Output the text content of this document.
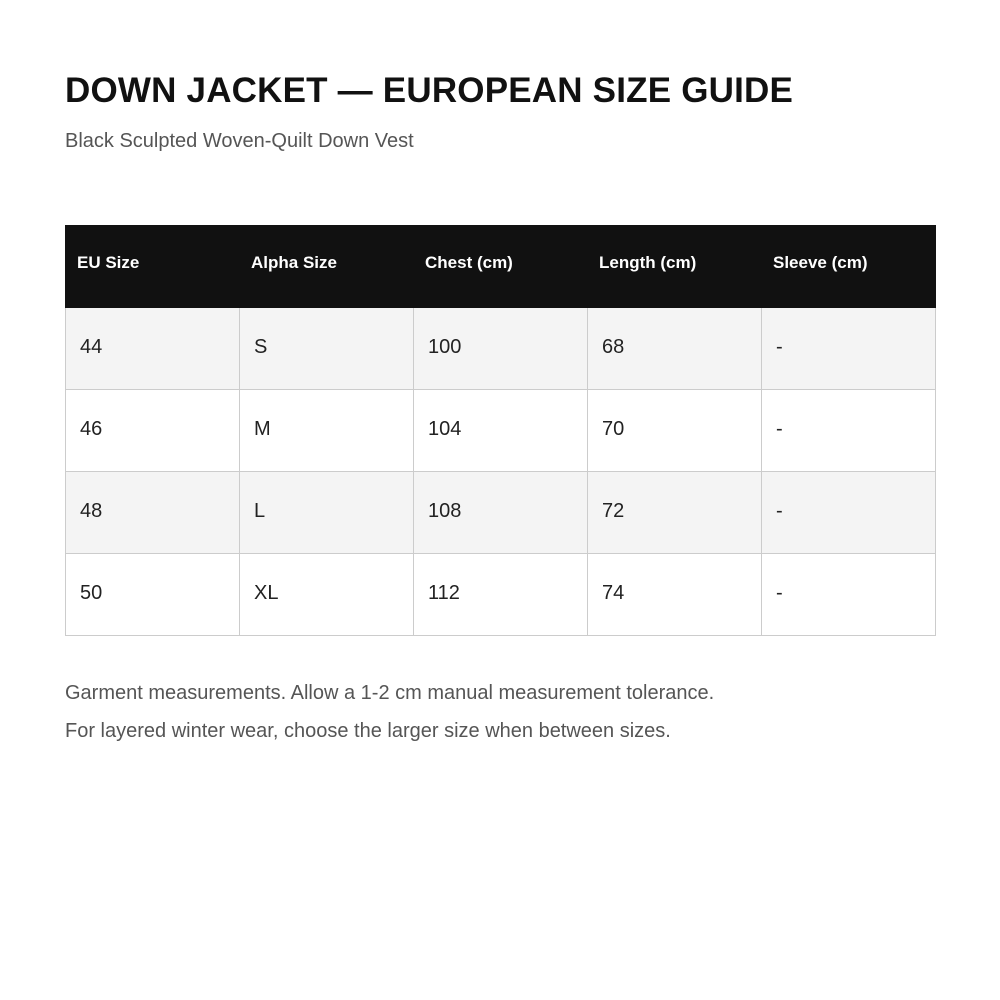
DOWN JACKET — EUROPEAN SIZE GUIDE
Black Sculpted Woven-Quilt Down Vest
EU Size	Alpha Size	Chest (cm)	Length (cm)	Sleeve (cm)
44	S	100	68	-
46	M	104	70	-
48	L	108	72	-
50	XL	112	74	-
Garment measurements. Allow a 1-2 cm manual measurement tolerance.
For layered winter wear, choose the larger size when between sizes.
